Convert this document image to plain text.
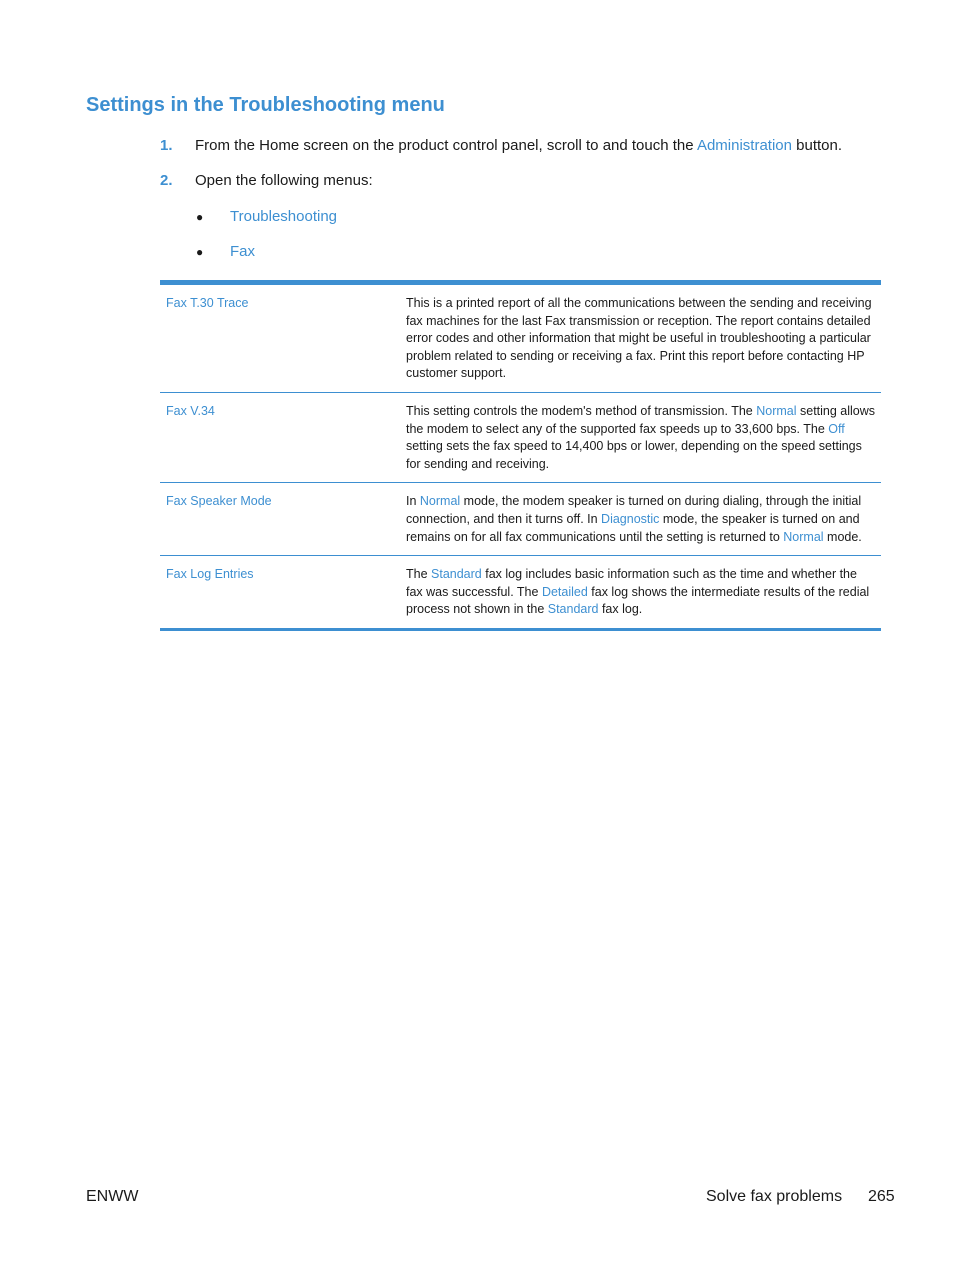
Settings in the Troubleshooting menu
1. From the Home screen on the product control panel, scroll to and touch the Administration button.
2. Open the following menus:
● Troubleshooting
● Fax
Fax T.30 Trace	This is a printed report of all the communications between the sending and receiving fax machines for the last Fax transmission or reception. The report contains detailed error codes and other information that might be useful in troubleshooting a particular problem related to sending or receiving a fax. Print this report before contacting HP customer support.
Fax V.34	This setting controls the modem's method of transmission. The Normal setting allows the modem to select any of the supported fax speeds up to 33,600 bps. The Off setting sets the fax speed to 14,400 bps or lower, depending on the speed settings for sending and receiving.
Fax Speaker Mode	In Normal mode, the modem speaker is turned on during dialing, through the initial connection, and then it turns off. In Diagnostic mode, the speaker is turned on and remains on for all fax communications until the setting is returned to Normal mode.
Fax Log Entries	The Standard fax log includes basic information such as the time and whether the fax was successful. The Detailed fax log shows the intermediate results of the redial process not shown in the Standard fax log.
ENWW	Solve fax problems 265
